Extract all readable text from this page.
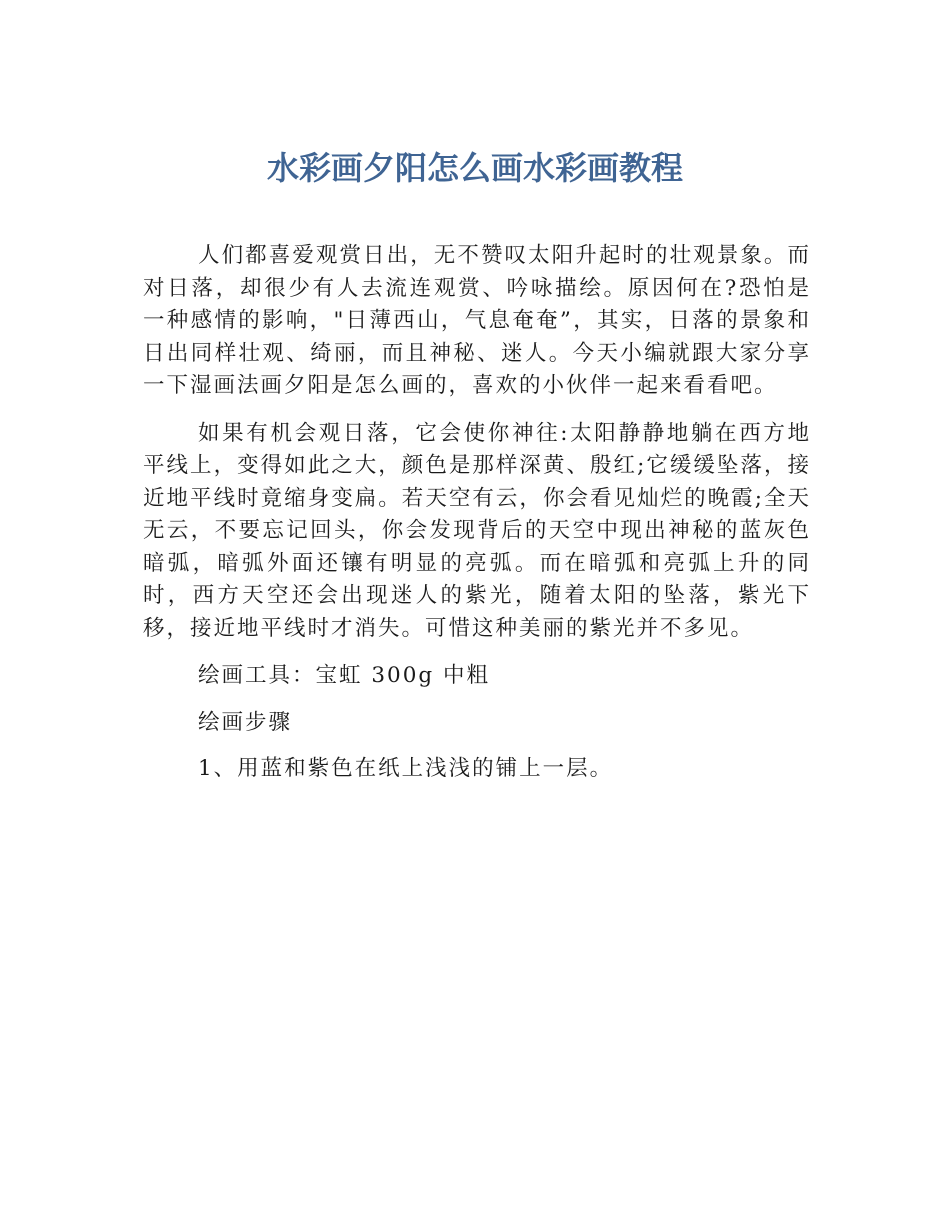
水彩画夕阳怎么画水彩画教程

人们都喜爱观赏日出，无不赞叹太阳升起时的壮观景象。而对日落，却很少有人去流连观赏、吟咏描绘。原因何在?恐怕是一种感情的影响，"日薄西山，气息奄奄”，其实，日落的景象和日出同样壮观、绮丽，而且神秘、迷人。今天小编就跟大家分享一下湿画法画夕阳是怎么画的，喜欢的小伙伴一起来看看吧。

如果有机会观日落，它会使你神往:太阳静静地躺在西方地平线上，变得如此之大，颜色是那样深黄、殷红;它缓缓坠落，接近地平线时竟缩身变扁。若天空有云，你会看见灿烂的晚霞;全天无云，不要忘记回头，你会发现背后的天空中现出神秘的蓝灰色暗弧，暗弧外面还镶有明显的亮弧。而在暗弧和亮弧上升的同时，西方天空还会出现迷人的紫光，随着太阳的坠落，紫光下移，接近地平线时才消失。可惜这种美丽的紫光并不多见。

绘画工具：宝虹 300g 中粗

绘画步骤

1、用蓝和紫色在纸上浅浅的铺上一层。
